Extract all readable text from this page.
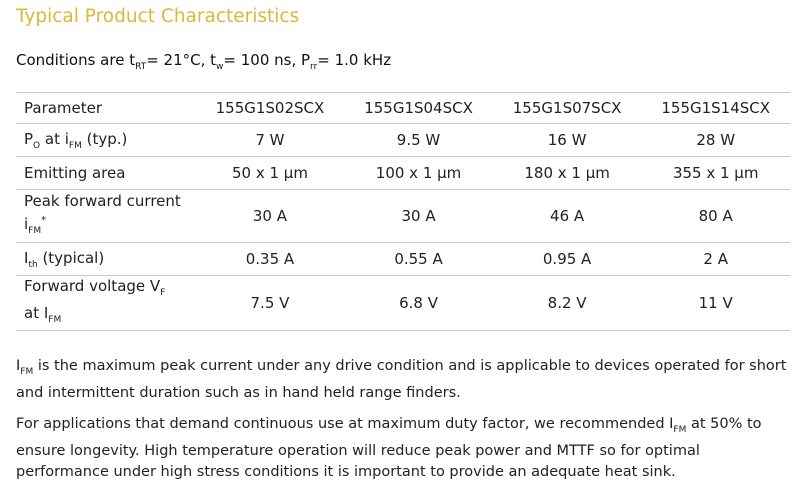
Typical Product Characteristics
Conditions are $t_{RT}= 21^\circ C$, $t_w= 100$ ns, $P_{rr}= 1.0$ kHz
Parameter	155G1S02SCX	155G1S04SCX	155G1S07SCX	155G1S14SCX
$P_O$ at $i_{FM}$ (typ.)	7 W	9.5 W	16 W	28 W
Emitting area	50 x 1 μm	100 x 1 μm	180 x 1 μm	355 x 1 μm

Peak forward current
$i_{FM}^*$	30 A	30 A	46 A	80 A
$I_{th}$ (typical)	0.35 A	0.55 A	0.95 A	2 A

Forward voltage $V_F$
at $I_{FM}$	7.5 V	6.8 V	8.2 V	11 V

$I_{FM}$ is the maximum peak current under any drive condition and is applicable to devices operated for short and intermittent duration such as in hand held range finders.

For applications that demand continuous use at maximum duty factor, we recommended $I_{FM}$ at 50% to ensure longevity. High temperature operation will reduce peak power and MTTF so for optimal performance under high stress conditions it is important to provide an adequate heat sink.
